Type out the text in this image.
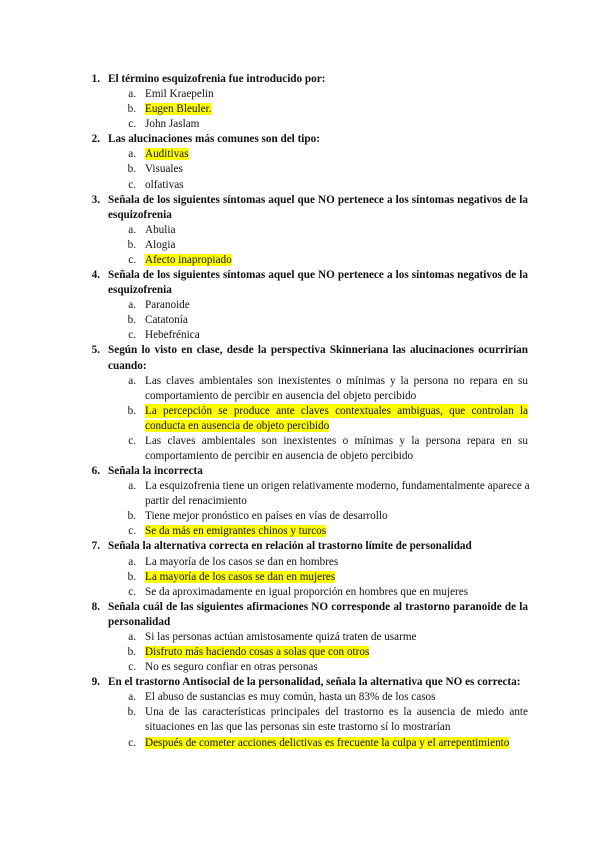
1. El término esquizofrenia fue introducido por:
a. Emil Kraepelin
b. Eugen Bleuler.
c. John Jaslam
2. Las alucinaciones más comunes son del tipo:
a. Auditivas
b. Visuales
c. olfativas
3. Señala de los siguientes síntomas aquel que NO pertenece a los síntomas negativos de la
esquizofrenia
a. Abulia
b. Alogia
c. Afecto inapropiado
4. Señala de los siguientes síntomas aquel que NO pertenece a los síntomas negativos de la
esquizofrenia
a. Paranoide
b. Catatonía
c. Hebefrénica
5. Según lo visto en clase, desde la perspectiva Skinneriana las alucinaciones ocurrirían
cuando:
a. Las claves ambientales son inexistentes o mínimas y la persona no repara en su
comportamiento de percibir en ausencia del objeto percibido
b. La percepción se produce ante claves contextuales ambiguas, que controlan la
conducta en ausencia de objeto percibido
c. Las claves ambientales son inexistentes o mínimas y la persona repara en su
comportamiento de percibir en ausencia de objeto percibido
6. Señala la incorrecta
a. La esquizofrenia tiene un origen relativamente moderno, fundamentalmente aparece a
partir del renacimiento
b. Tiene mejor pronóstico en países en vías de desarrollo
c. Se da más en emigrantes chinos y turcos
7. Señala la alternativa correcta en relación al trastorno límite de personalidad
a. La mayoría de los casos se dan en hombres
b. La mayoría de los casos se dan en mujeres
c. Se da aproximadamente en igual proporción en hombres que en mujeres
8. Señala cuál de las siguientes afirmaciones NO corresponde al trastorno paranoide de la
personalidad
a. Si las personas actúan amistosamente quizá traten de usarme
b. Disfruto más haciendo cosas a solas que con otros
c. No es seguro confiar en otras personas
9. En el trastorno Antisocial de la personalidad, señala la alternativa que NO es correcta:
a. El abuso de sustancias es muy común, hasta un 83% de los casos
b. Una de las características principales del trastorno es la ausencia de miedo ante
situaciones en las que las personas sin este trastorno sí lo mostrarían
c. Después de cometer acciones delictivas es frecuente la culpa y el arrepentimiento
